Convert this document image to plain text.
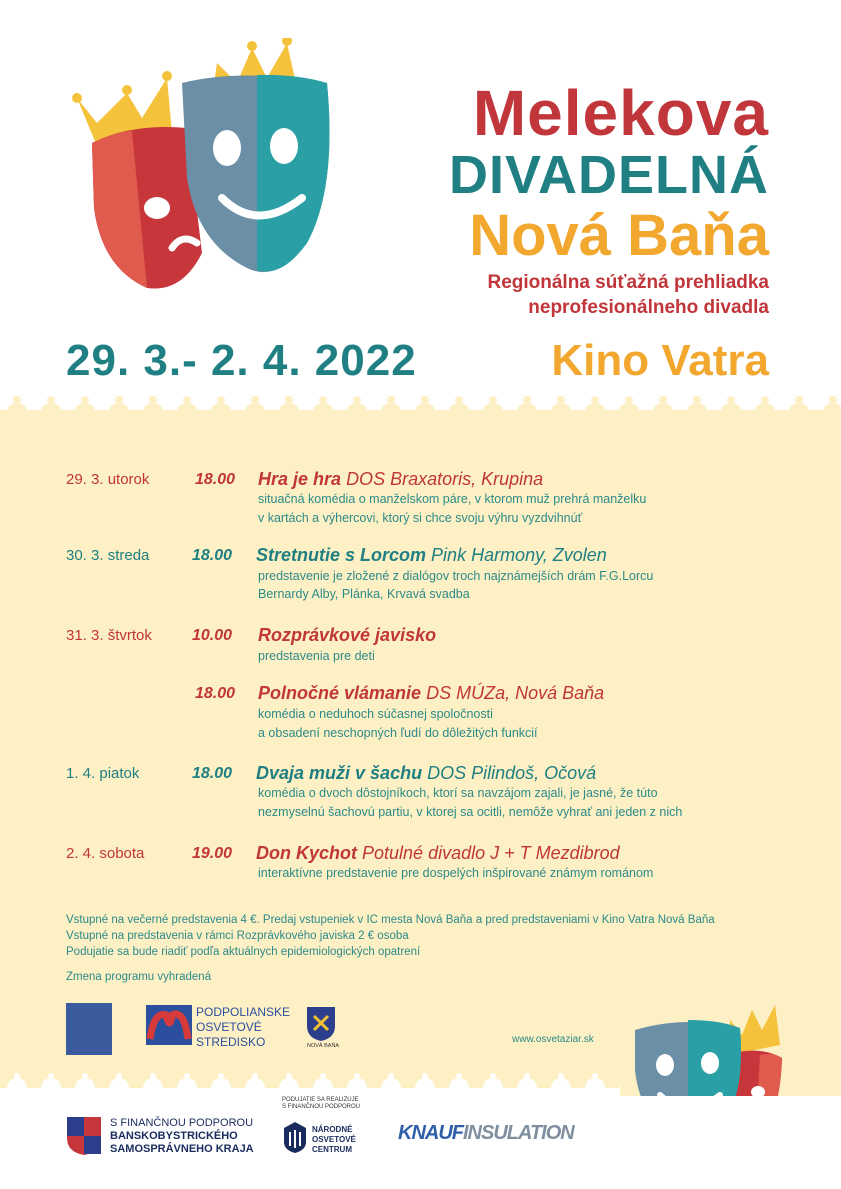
Melekova
DIVADELNÁ
Nová Baňa
Regionálna súťažná prehliadka
neprofesionálneho divadla
29. 3.- 2. 4. 2022	Kino Vatra
29. 3. utorok	18.00 Hra je hra DOS Braxatoris, Krupina
situačná komédia o manželskom páre, v ktorom muž prehrá manželku
v kartách a výhercovi, ktorý si chce svoju výhru vyzdvihnúť
30. 3. streda	18.00 Stretnutie s Lorcom Pink Harmony, Zvolen
predstavenie je zložené z dialógov troch najznámejších drám F.G.Lorcu
Bernardy Alby, Plánka, Krvavá svadba
31. 3. štvrtok	10.00 Rozprávkové javisko
predstavenia pre deti
18.00 Polnočné vlámanie DS MÚZa, Nová Baňa
komédia o neduhoch súčasnej spoločnosti
a obsadení neschopných ľudí do dôležitých funkcií
1. 4. piatok	18.00 Dvaja muži v šachu DOS Pilindoš, Očová
komédia o dvoch dôstojníkoch, ktorí sa navzájom zajali, je jasné, že túto
nezmyselnú šachovú partiu, v ktorej sa ocitli, nemôže vyhrať ani jeden z nich
2. 4. sobota	19.00 Don Kychot Potulné divadlo J + T Mezdibrod
interaktívne predstavenie pre dospelých inšpirované známym románom
Vstupné na večerné predstavenia 4 €. Predaj vstupeniek v IC mesta Nová Baňa a pred predstaveniami v Kino Vatra Nová Baňa
Vstupné na predstavenia v rámci Rozprávkového javiska 2 € osoba
Podujatie sa bude riadiť podľa aktuálnych epidemiologických opatrení
Zmena programu vyhradená
PODPOLIANSKE
OSVETOVÉ
STREDISKO	NOVÁ BAŇA
www.osvetaziar.sk
S FINANČNOU PODPOROU
BANSKOBYSTRICKÉHO
SAMOSPRÁVNEHO KRAJA
PODUJATIE SA REALIZUJE
S FINANČNOU PODPOROU
NÁRODNÉ
OSVETOVÉ
CENTRUM
KNAUFINSULATION
